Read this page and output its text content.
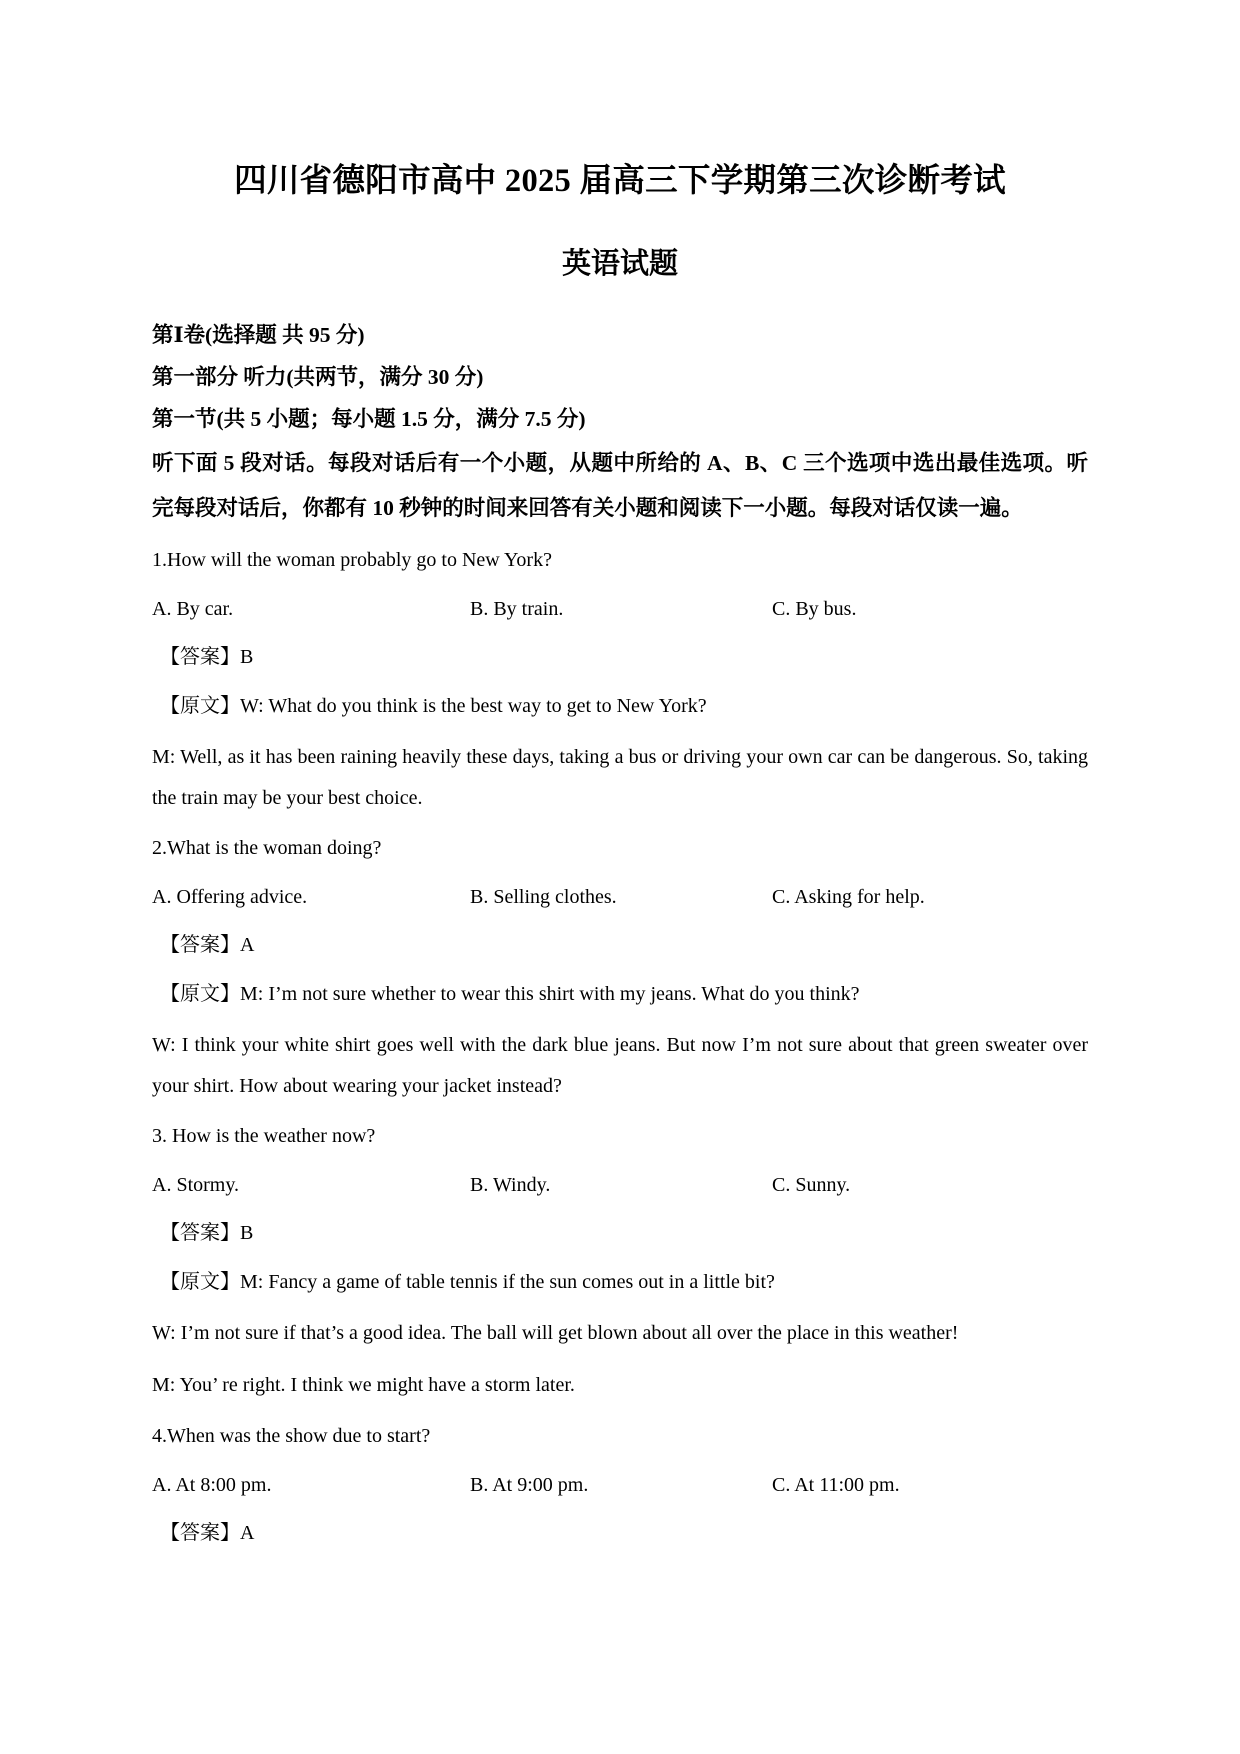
四川省德阳市高中 2025 届高三下学期第三次诊断考试
英语试题

第Ⅰ卷(选择题 共 95 分)

第一部分 听力(共两节，满分 30 分)

第一节(共 5 小题；每小题 1.5 分，满分 7.5 分)

听下面 5 段对话。每段对话后有一个小题，从题中所给的 A、B、C 三个选项中选出最佳选项。听完每段对话后，你都有 10 秒钟的时间来回答有关小题和阅读下一小题。每段对话仅读一遍。

1.How will the woman probably go to New York?

A. By car.	B. By train.	C. By bus.

【答案】B

【原文】W: What do you think is the best way to get to New York?

M: Well, as it has been raining heavily these days, taking a bus or driving your own car can be dangerous. So, taking the train may be your best choice.

2.What is the woman doing?

A. Offering advice.	B. Selling clothes.	C. Asking for help.

【答案】A

【原文】M: I’m not sure whether to wear this shirt with my jeans. What do you think?

W: I think your white shirt goes well with the dark blue jeans. But now I’m not sure about that green sweater over your shirt. How about wearing your jacket instead?

3. How is the weather now?

A. Stormy.	B. Windy.	C. Sunny.

【答案】B

【原文】M: Fancy a game of table tennis if the sun comes out in a little bit?

W: I’m not sure if that’s a good idea. The ball will get blown about all over the place in this weather!

M: You’ re right. I think we might have a storm later.

4.When was the show due to start?

A. At 8:00 pm.	B. At 9:00 pm.	C. At 11:00 pm.

【答案】A
